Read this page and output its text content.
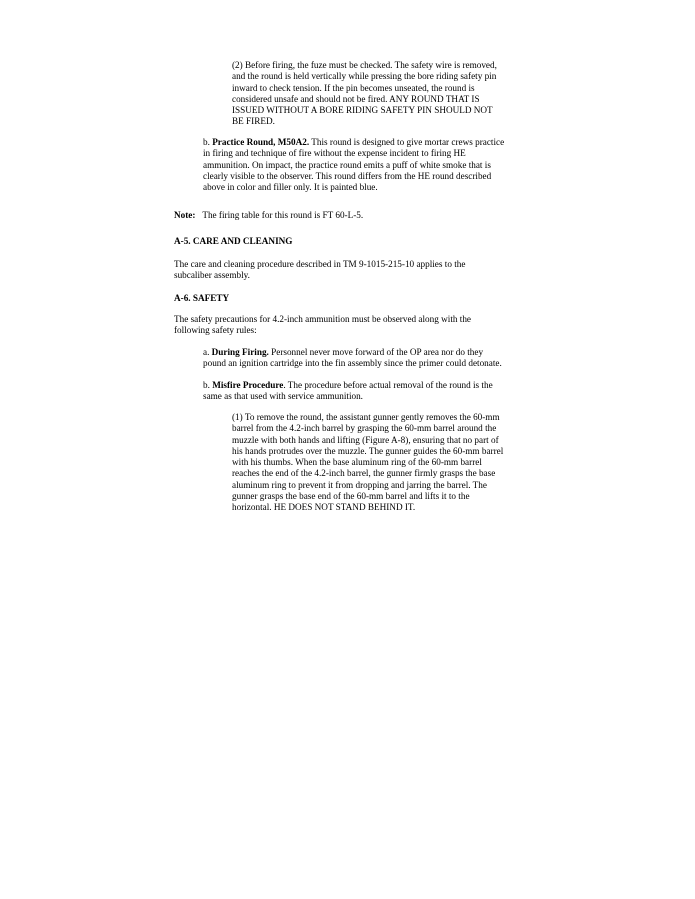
(2) Before firing, the fuze must be checked. The safety wire is removed,

and the round is held vertically while pressing the bore riding safety pin

inward to check tension. If the pin becomes unseated, the round is

considered unsafe and should not be fired. ANY ROUND THAT IS

ISSUED WITHOUT A BORE RIDING SAFETY PIN SHOULD NOT

BE FIRED.

b. Practice Round, M50A2. This round is designed to give mortar crews practice

in firing and technique of fire without the expense incident to firing HE

ammunition. On impact, the practice round emits a puff of white smoke that is

clearly visible to the observer. This round differs from the HE round described

above in color and filler only. It is painted blue.

Note: The firing table for this round is FT 60-L-5.

A-5. CARE AND CLEANING

The care and cleaning procedure described in TM 9-1015-215-10 applies to the

subcaliber assembly.

A-6. SAFETY

The safety precautions for 4.2-inch ammunition must be observed along with the

following safety rules:

a. During Firing. Personnel never move forward of the OP area nor do they

pound an ignition cartridge into the fin assembly since the primer could detonate.

b. Misfire Procedure. The procedure before actual removal of the round is the

same as that used with service ammunition.

(1) To remove the round, the assistant gunner gently removes the 60-mm

barrel from the 4.2-inch barrel by grasping the 60-mm barrel around the

muzzle with both hands and lifting (Figure A-8), ensuring that no part of

his hands protrudes over the muzzle. The gunner guides the 60-mm barrel

with his thumbs. When the base aluminum ring of the 60-mm barrel

reaches the end of the 4.2-inch barrel, the gunner firmly grasps the base

aluminum ring to prevent it from dropping and jarring the barrel. The

gunner grasps the base end of the 60-mm barrel and lifts it to the

horizontal. HE DOES NOT STAND BEHIND IT.
